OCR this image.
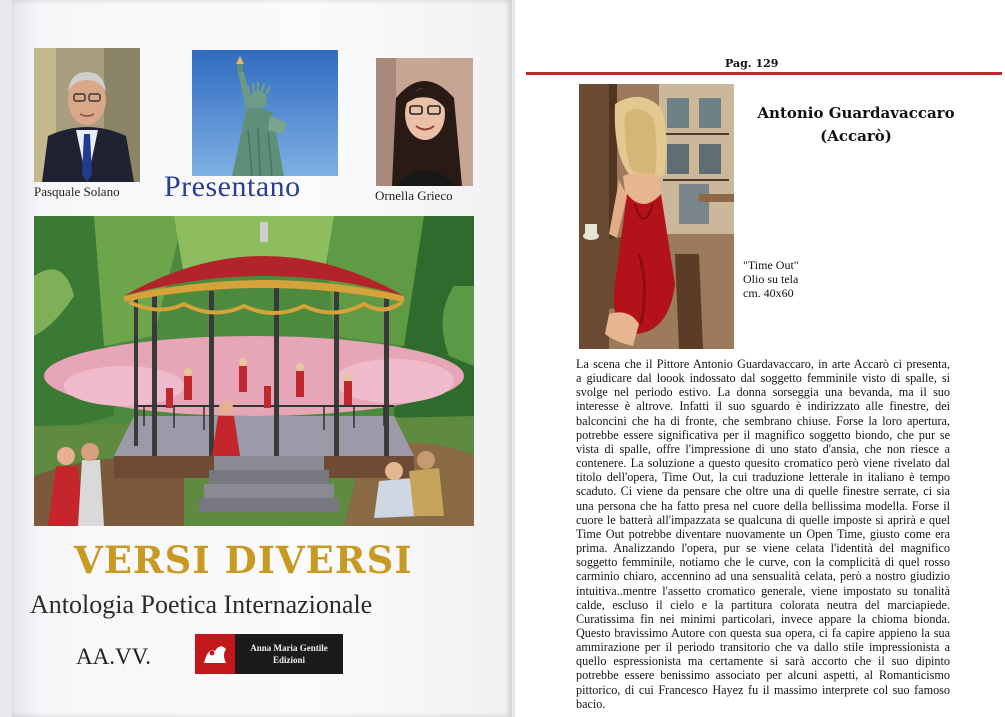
Pasquale Solano Presentano	Ornella Grieco
VERSI DIVERSI
Antologia Poetica Internazionale
AA.VV.	Anna Maria Gentile
Edizioni
Pag. 129
Antonio Guardavaccaro
(Accarò)
"Time Out"
Olio su tela
cm. 40x60
La scena che il Pittore Antonio Guardavaccaro, in arte Accarò ci presenta,
a giudicare dal loook indossato dal soggetto femminile visto di spalle, si
svolge nel periodo estivo. La donna sorseggia una bevanda, ma il suo
interesse è altrove. Infatti il suo sguardo è indirizzato alle finestre, dei
balconcini che ha di fronte, che sembrano chiuse. Forse la loro apertura,
potrebbe essere significativa per il magnifico soggetto biondo, che pur se
vista di spalle, offre l'impressione di uno stato d'ansia, che non riesce a
contenere. La soluzione a questo quesito cromatico però viene rivelato dal
titolo dell'opera, Time Out, la cui traduzione letterale in italiano è tempo
scaduto. Ci viene da pensare che oltre una di quelle finestre serrate, ci sia
una persona che ha fatto presa nel cuore della bellissima modella. Forse il
cuore le batterà all'impazzata se qualcuna di quelle imposte si aprirà e quel
Time Out potrebbe diventare nuovamente un Open Time, giusto come era
prima. Analizzando l'opera, pur se viene celata l'identità del magnifico
soggetto femminile, notiamo che le curve, con la complicità di quel rosso
carminio chiaro, accennino ad una sensualità celata, però a nostro giudizio
intuitiva..mentre l'assetto cromatico generale, viene impostato su tonalità
calde, escluso il cielo e la partitura colorata neutra del marciapiede.
Curatissima fin nei minimi particolari, invece appare la chioma bionda.
Questo bravissimo Autore con questa sua opera, ci fa capire appieno la sua
ammirazione per il periodo transitorio che va dallo stile impressionista a
quello espressionista ma certamente si sarà accorto che il suo dipinto
potrebbe essere benissimo associato per alcuni aspetti, al Romanticismo
pittorico, di cui Francesco Hayez fu il massimo interprete col suo famoso
bacio.
